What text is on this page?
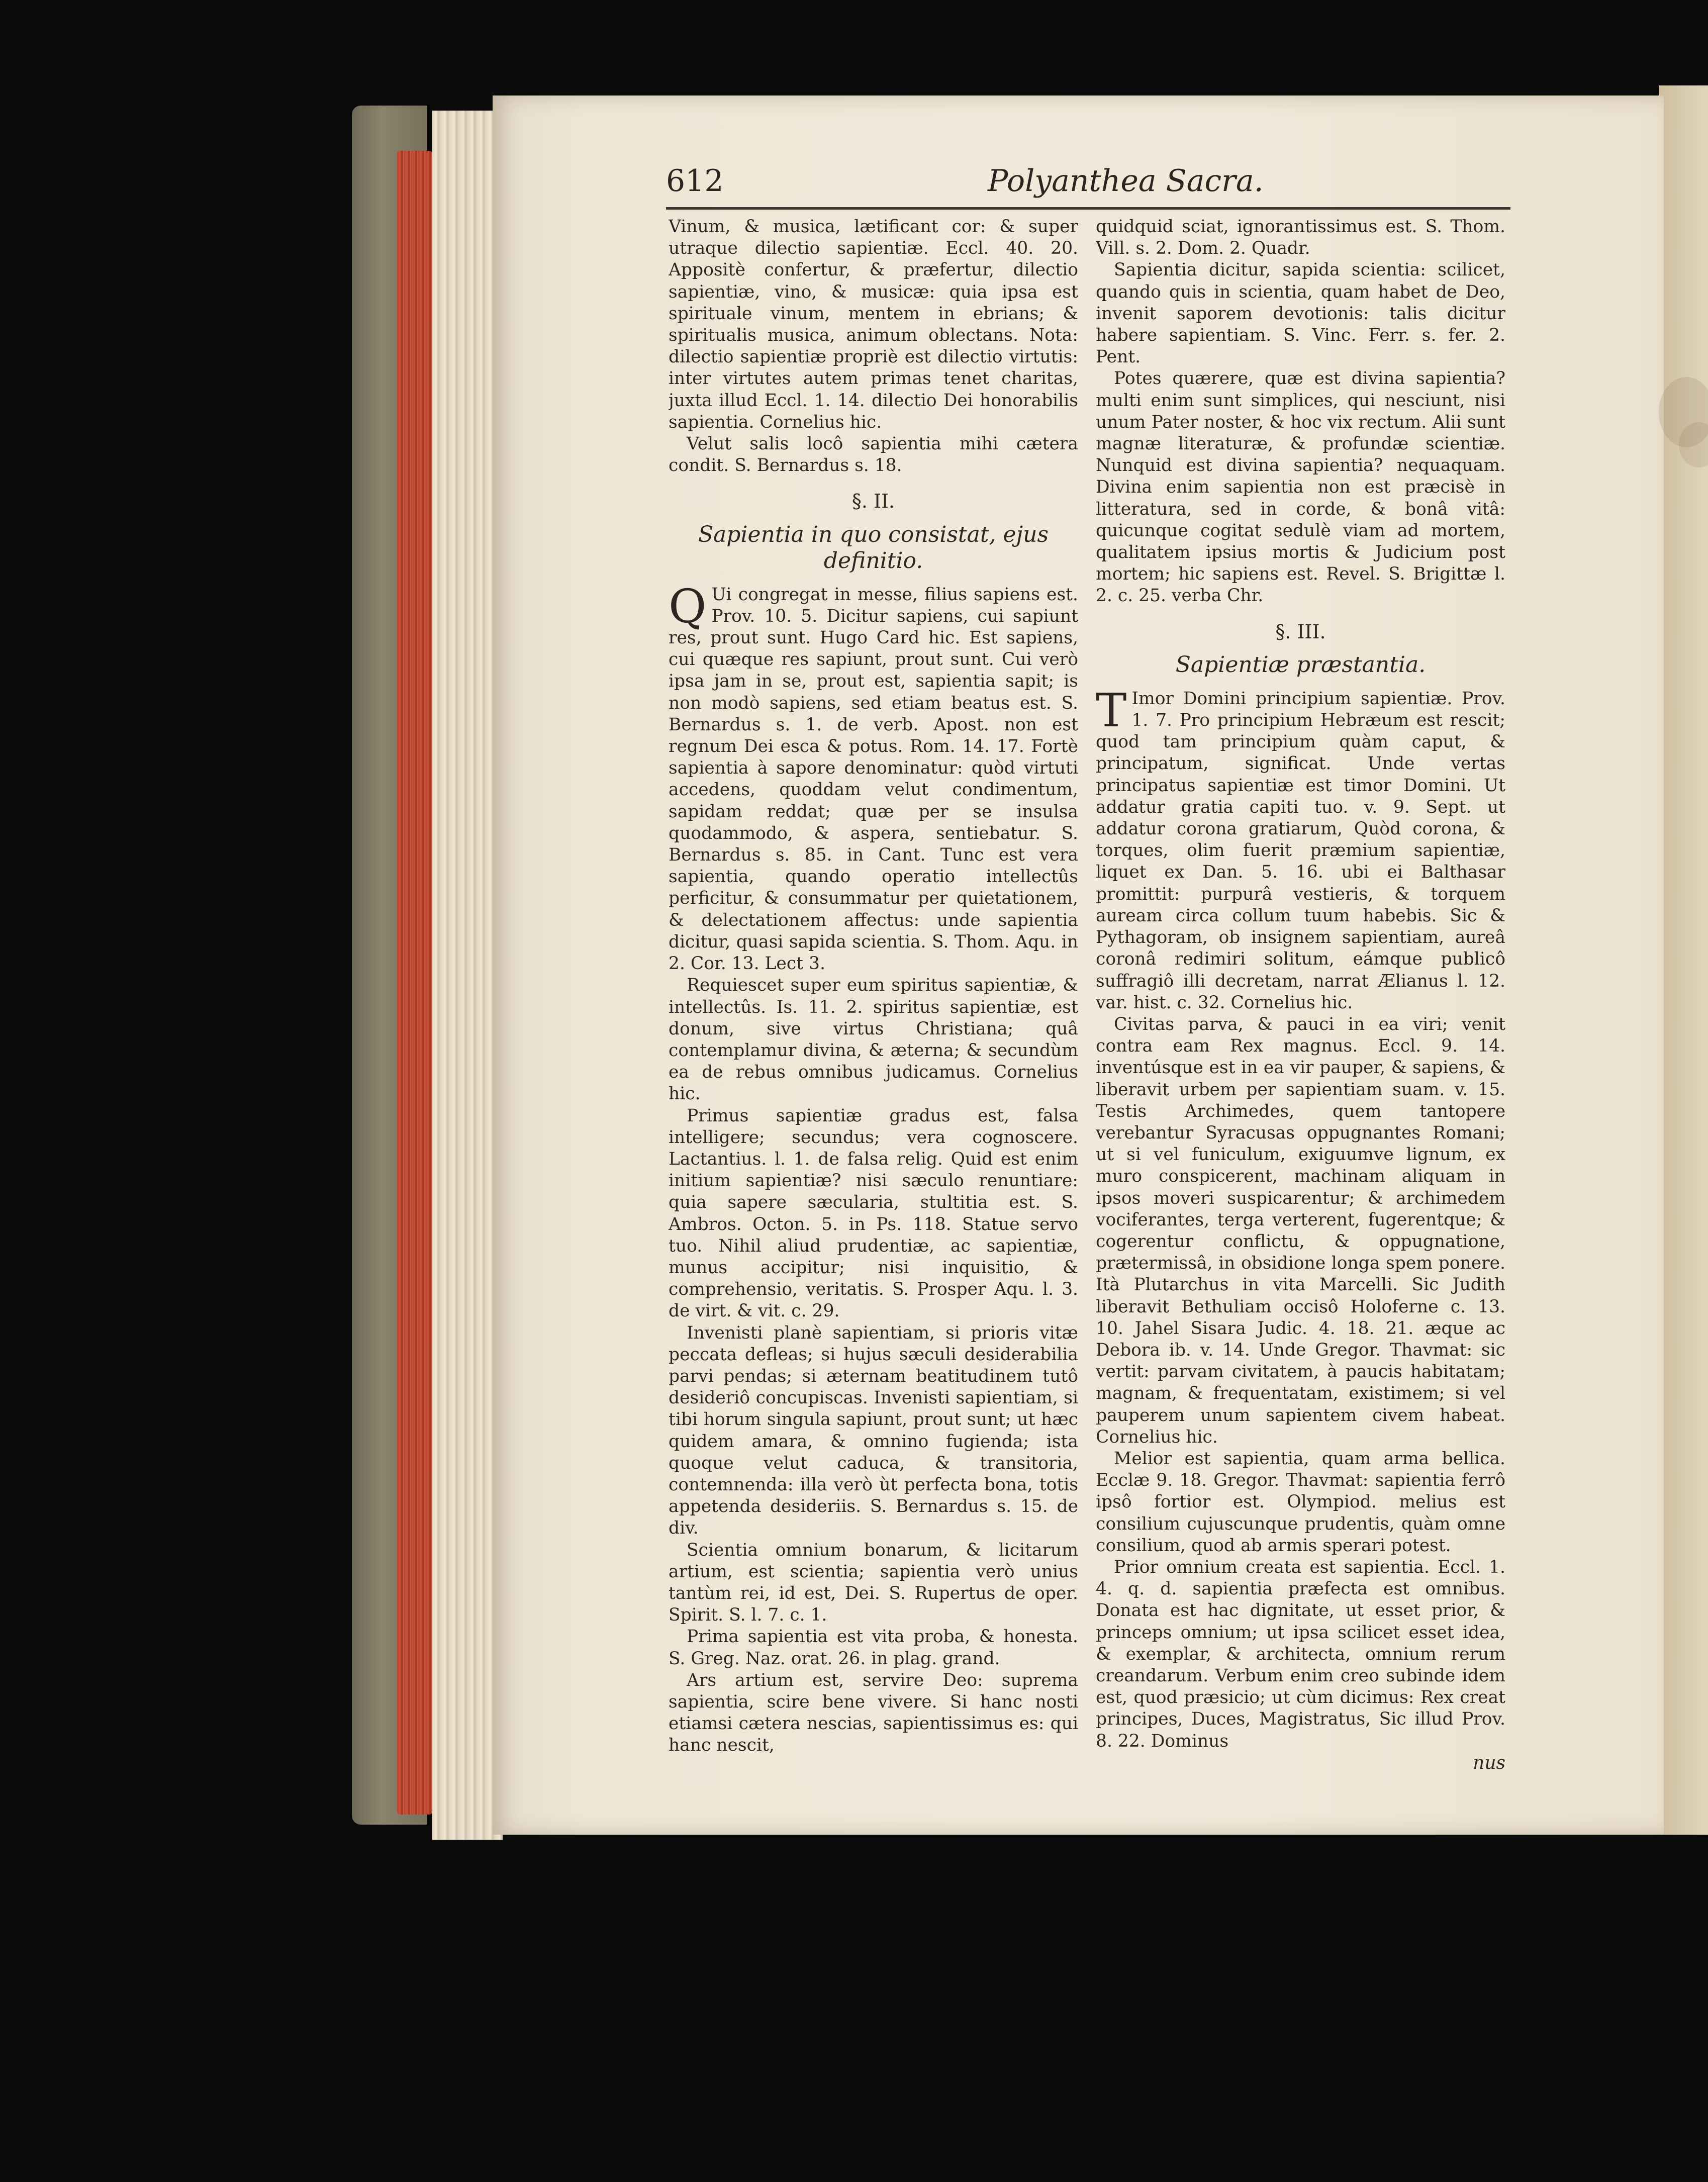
612	Polyanthea Sacra.

Vinum, & musica, lætificant cor: & super utraque dilectio sapientiæ. Eccl. 40. 20. Appositè confertur, & præfertur, dilectio sapientiæ, vino, & musicæ: quia ipsa est spirituale vinum, mentem in ebrians; & spiritualis musica, animum oblectans. Nota: dilectio sapientiæ propriè est dilectio virtutis: inter virtutes autem primas tenet charitas, juxta illud Eccl. 1. 14. dilectio Dei honorabilis sapientia. Cornelius hic.

Velut salis locô sapientia mihi cætera condit. S. Bernardus s. 18.

§. II.
Sapientia in quo consistat, ejus definitio.

Q Ui congregat in messe, filius sapiens est. Prov. 10. 5. Dicitur sapiens, cui sapiunt res, prout sunt. Hugo Card hic. Est sapiens, cui quæque res sapiunt, prout sunt. Cui verò ipsa jam in se, prout est, sapientia sapit; is non modò sapiens, sed etiam beatus est. S. Bernardus s. 1. de verb. Apost. non est regnum Dei esca & potus. Rom. 14. 17. Fortè sapientia à sapore denominatur: quòd virtuti accedens, quoddam velut condimentum, sapidam reddat; quæ per se insulsa quodammodo, & aspera, sentiebatur. S. Bernardus s. 85. in Cant. Tunc est vera sapientia, quando operatio intellectûs perficitur, & consummatur per quietationem, & delectationem affectus: unde sapientia dicitur, quasi sapida scientia. S. Thom. Aqu. in 2. Cor. 13. Lect 3.

Requiescet super eum spiritus sapientiæ, & intellectûs. Is. 11. 2. spiritus sapientiæ, est donum, sive virtus Christiana; quâ contemplamur divina, & æterna; & secundùm ea de rebus omnibus judicamus. Cornelius hic.

Primus sapientiæ gradus est, falsa intelligere; secundus; vera cognoscere. Lactantius. l. 1. de falsa relig. Quid est enim initium sapientiæ? nisi sæculo renuntiare: quia sapere sæcularia, stultitia est. S. Ambros. Octon. 5. in Ps. 118. Statue servo tuo. Nihil aliud prudentiæ, ac sapientiæ, munus accipitur; nisi inquisitio, & comprehensio, veritatis. S. Prosper Aqu. l. 3. de virt. & vit. c. 29.

Invenisti planè sapientiam, si prioris vitæ peccata defleas; si hujus sæculi desiderabilia parvi pendas; si æternam beatitudinem tutô desideriô concupiscas. Invenisti sapientiam, si tibi horum singula sapiunt, prout sunt; ut hæc quidem amara, & omnino fugienda; ista quoque velut caduca, & transitoria, contemnenda: illa verò ùt perfecta bona, totis appetenda desideriis. S. Bernardus s. 15. de div.

Scientia omnium bonarum, & licitarum artium, est scientia; sapientia verò unius tantùm rei, id est, Dei. S. Rupertus de oper. Spirit. S. l. 7. c. 1.

Prima sapientia est vita proba, & honesta. S. Greg. Naz. orat. 26. in plag. grand.

Ars artium est, servire Deo: suprema sapientia, scire bene vivere. Si hanc nosti etiamsi cætera nescias, sapientissimus es: qui hanc nescit,

quidquid sciat, ignorantissimus est. S. Thom. Vill. s. 2. Dom. 2. Quadr.

Sapientia dicitur, sapida scientia: scilicet, quando quis in scientia, quam habet de Deo, invenit saporem devotionis: talis dicitur habere sapientiam. S. Vinc. Ferr. s. fer. 2. Pent.

Potes quærere, quæ est divina sapientia? multi enim sunt simplices, qui nesciunt, nisi unum Pater noster, & hoc vix rectum. Alii sunt magnæ literaturæ, & profundæ scientiæ. Nunquid est divina sapientia? nequaquam. Divina enim sapientia non est præcisè in litteratura, sed in corde, & bonâ vitâ: quicunque cogitat sedulè viam ad mortem, qualitatem ipsius mortis & Judicium post mortem; hic sapiens est. Revel. S. Brigittæ l. 2. c. 25. verba Chr.

§. III.
Sapientiæ præstantia.

T Imor Domini principium sapientiæ. Prov. 1. 7. Pro principium Hebræum est rescit; quod tam principium quàm caput, & principatum, significat. Unde vertas principatus sapientiæ est timor Domini. Ut addatur gratia capiti tuo. v. 9. Sept. ut addatur corona gratiarum, Quòd corona, & torques, olim fuerit præmium sapientiæ, liquet ex Dan. 5. 16. ubi ei Balthasar promittit: purpurâ vestieris, & torquem auream circa collum tuum habebis. Sic & Pythagoram, ob insignem sapientiam, aureâ coronâ redimiri solitum, eámque publicô suffragiô illi decretam, narrat Ælianus l. 12. var. hist. c. 32. Cornelius hic.

Civitas parva, & pauci in ea viri; venit contra eam Rex magnus. Eccl. 9. 14. inventúsque est in ea vir pauper, & sapiens, & liberavit urbem per sapientiam suam. v. 15. Testis Archimedes, quem tantopere verebantur Syracusas oppugnantes Romani; ut si vel funiculum, exiguumve lignum, ex muro conspicerent, machinam aliquam in ipsos moveri suspicarentur; & archimedem vociferantes, terga verterent, fugerentque; & cogerentur conflictu, & oppugnatione, prætermissâ, in obsidione longa spem ponere. Ità Plutarchus in vita Marcelli. Sic Judith liberavit Bethuliam occisô Holoferne c. 13. 10. Jahel Sisara Judic. 4. 18. 21. æque ac Debora ib. v. 14. Unde Gregor. Thavmat: sic vertit: parvam civitatem, à paucis habitatam; magnam, & frequentatam, existimem; si vel pauperem unum sapientem civem habeat. Cornelius hic.

Melior est sapientia, quam arma bellica. Ecclæ 9. 18. Gregor. Thavmat: sapientia ferrô ipsô fortior est. Olympiod. melius est consilium cujuscunque prudentis, quàm omne consilium, quod ab armis sperari potest.

Prior omnium creata est sapientia. Eccl. 1. 4. q. d. sapientia præfecta est omnibus. Donata est hac dignitate, ut esset prior, & princeps omnium; ut ipsa scilicet esset idea, & exemplar, & architecta, omnium rerum creandarum. Verbum enim creo subinde idem est, quod præsicio; ut cùm dicimus: Rex creat principes, Duces, Magistratus, Sic illud Prov. 8. 22. Dominus

nus
